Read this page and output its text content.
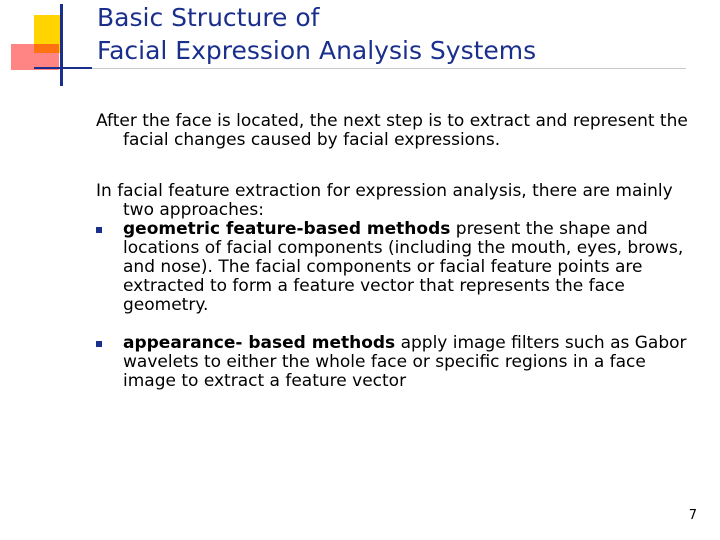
Basic Structure of
Facial Expression Analysis Systems

After the face is located, the next step is to extract and represent the facial changes caused by facial expressions.

In facial feature extraction for expression analysis, there are mainly two approaches:

geometric feature-based methods present the shape and locations of facial components (including the mouth, eyes, brows, and nose). The facial components or facial feature points are extracted to form a feature vector that represents the face geometry.
appearance- based methods apply image filters such as Gabor wavelets to either the whole face or specific regions in a face image to extract a feature vector
7
